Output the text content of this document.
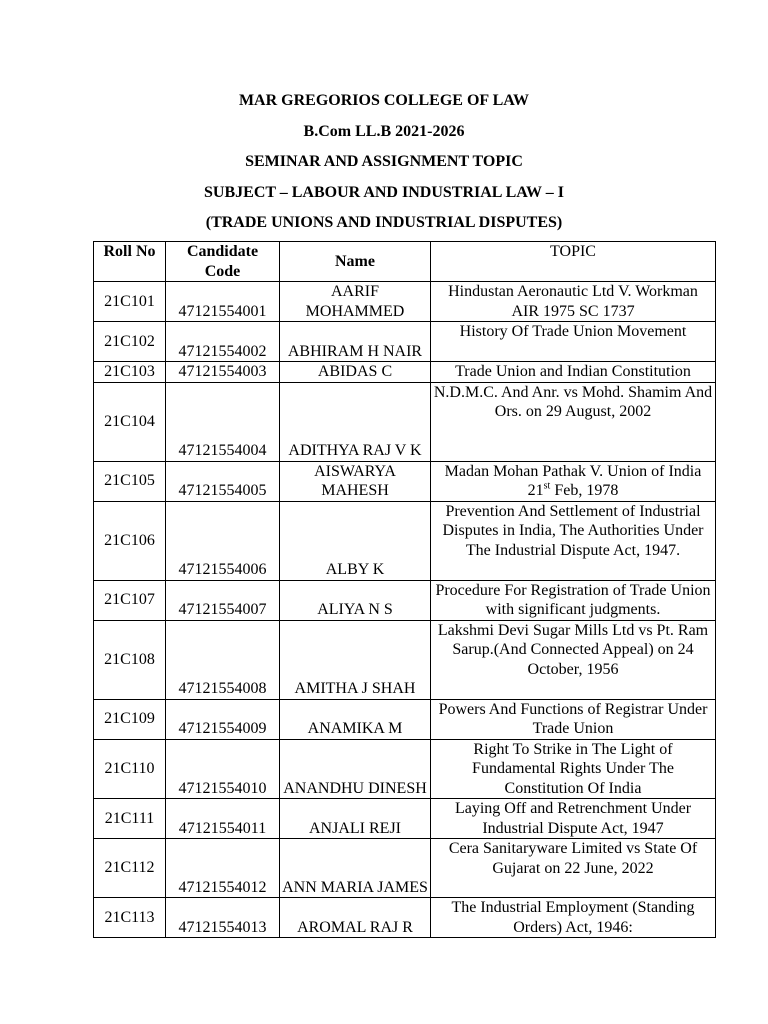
MAR GREGORIOS COLLEGE OF LAW
B.Com LL.B 2021-2026
SEMINAR AND ASSIGNMENT TOPIC
SUBJECT – LABOUR AND INDUSTRIAL LAW – I
(TRADE UNIONS AND INDUSTRIAL DISPUTES)
Roll No	Candidate Code	Name	TOPIC
21C101	47121554001	AARIF MOHAMMED	Hindustan Aeronautic Ltd V. Workman AIR 1975 SC 1737
21C102	47121554002	ABHIRAM H NAIR	History Of Trade Union Movement
21C103	47121554003	ABIDAS C	Trade Union and Indian Constitution
21C104	47121554004	ADITHYA RAJ V K	N.D.M.C. And Anr. vs Mohd. Shamim And Ors. on 29 August, 2002
21C105	47121554005	AISWARYA MAHESH	Madan Mohan Pathak V. Union of India 21st Feb, 1978
21C106	47121554006	ALBY K	Prevention And Settlement of Industrial Disputes in India, The Authorities Under The Industrial Dispute Act, 1947.
21C107	47121554007	ALIYA N S	Procedure For Registration of Trade Union with significant judgments.
21C108	47121554008	AMITHA J SHAH	Lakshmi Devi Sugar Mills Ltd vs Pt. Ram Sarup.(And Connected Appeal) on 24 October, 1956
21C109	47121554009	ANAMIKA M	Powers And Functions of Registrar Under Trade Union
21C110	47121554010	ANANDHU DINESH	Right To Strike in The Light of Fundamental Rights Under The Constitution Of India
21C111	47121554011	ANJALI REJI	Laying Off and Retrenchment Under Industrial Dispute Act, 1947
21C112	47121554012	ANN MARIA JAMES	Cera Sanitaryware Limited vs State Of Gujarat on 22 June, 2022
21C113	47121554013	AROMAL RAJ R	The Industrial Employment (Standing Orders) Act, 1946:
